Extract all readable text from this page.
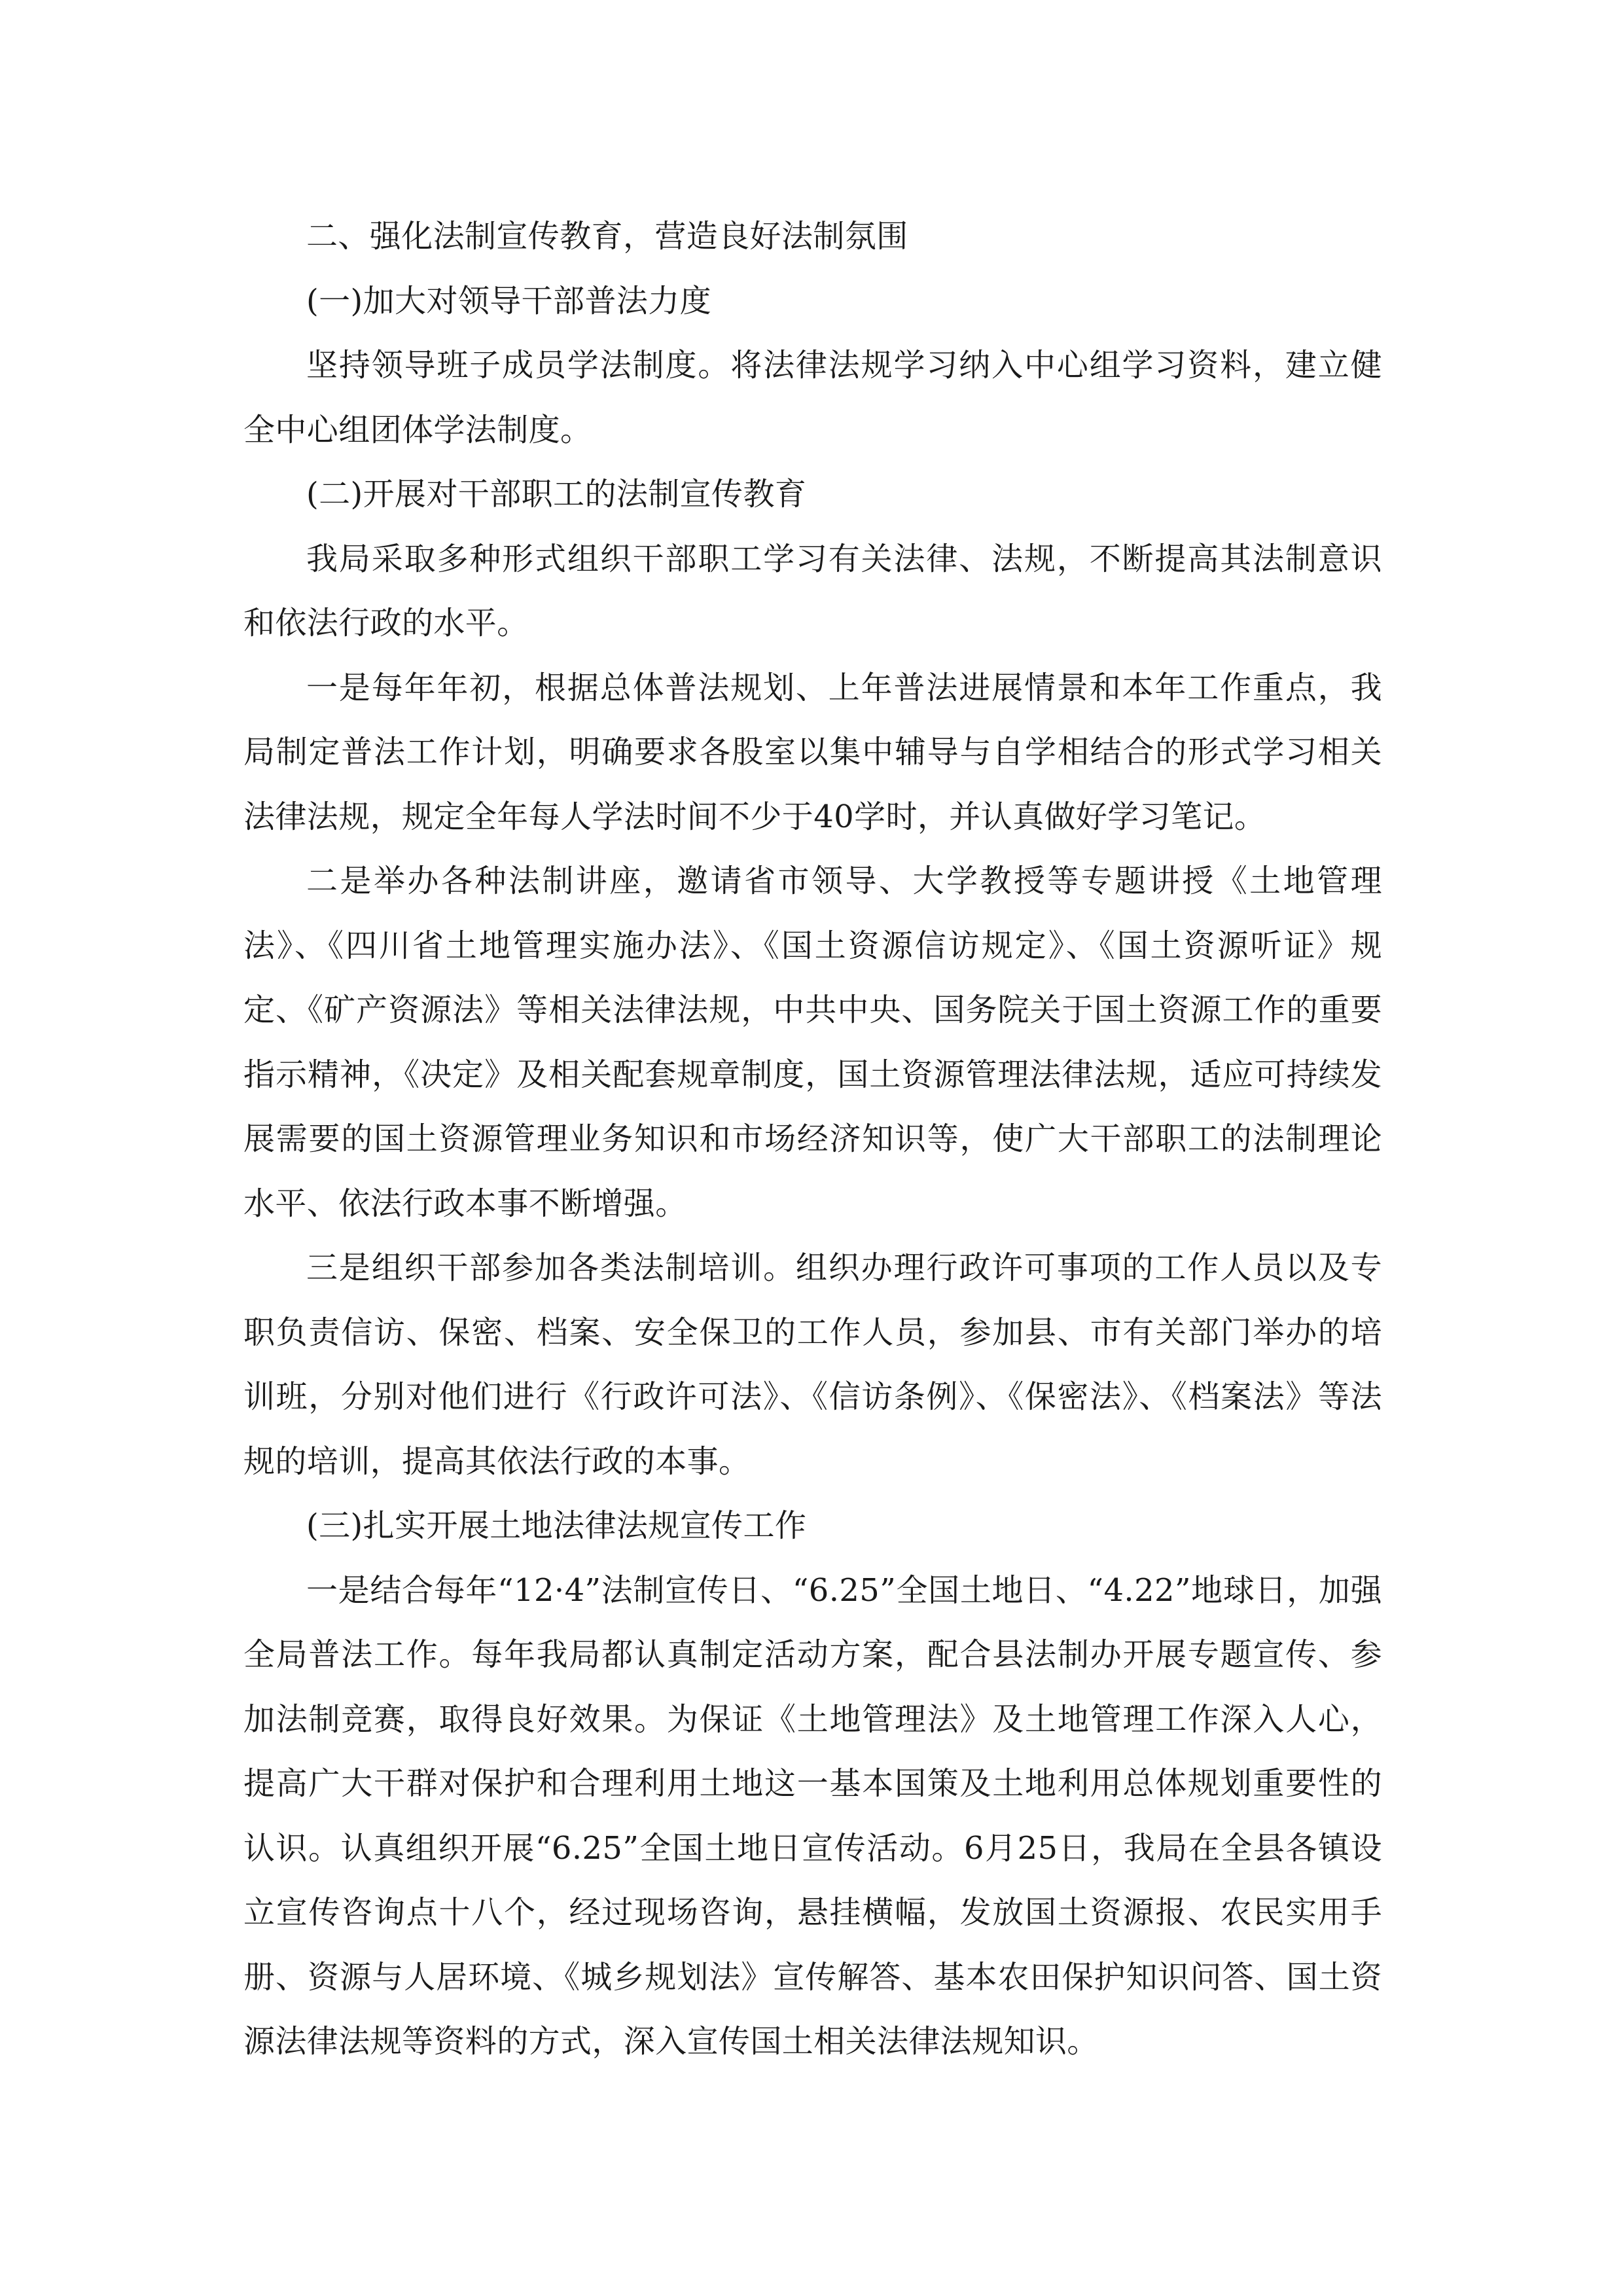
二、强化法制宣传教育，营造良好法制氛围

(一)加大对领导干部普法力度

坚持领导班子成员学法制度。将法律法规学习纳入中心组学习资料，建立健全中心组团体学法制度。

(二)开展对干部职工的法制宣传教育

我局采取多种形式组织干部职工学习有关法律、法规，不断提高其法制意识和依法行政的水平。

一是每年年初，根据总体普法规划、上年普法进展情景和本年工作重点，我局制定普法工作计划，明确要求各股室以集中辅导与自学相结合的形式学习相关法律法规，规定全年每人学法时间不少于40学时，并认真做好学习笔记。

二是举办各种法制讲座，邀请省市领导、大学教授等专题讲授《土地管理法》、《四川省土地管理实施办法》、《国土资源信访规定》、《国土资源听证》规定、《矿产资源法》等相关法律法规，中共中央、国务院关于国土资源工作的重要指示精神，《决定》及相关配套规章制度，国土资源管理法律法规，适应可持续发展需要的国土资源管理业务知识和市场经济知识等，使广大干部职工的法制理论水平、依法行政本事不断增强。

三是组织干部参加各类法制培训。组织办理行政许可事项的工作人员以及专职负责信访、保密、档案、安全保卫的工作人员，参加县、市有关部门举办的培训班，分别对他们进行《行政许可法》、《信访条例》、《保密法》、《档案法》等法规的培训，提高其依法行政的本事。

(三)扎实开展土地法律法规宣传工作

一是结合每年“12·4”法制宣传日、“6.25”全国土地日、“4.22”地球日，加强全局普法工作。每年我局都认真制定活动方案，配合县法制办开展专题宣传、参加法制竞赛，取得良好效果。为保证《土地管理法》及土地管理工作深入人心，提高广大干群对保护和合理利用土地这一基本国策及土地利用总体规划重要性的认识。认真组织开展“6.25”全国土地日宣传活动。6月25日，我局在全县各镇设立宣传咨询点十八个，经过现场咨询，悬挂横幅，发放国土资源报、农民实用手册、资源与人居环境、《城乡规划法》宣传解答、基本农田保护知识问答、国土资源法律法规等资料的方式，深入宣传国土相关法律法规知识。
